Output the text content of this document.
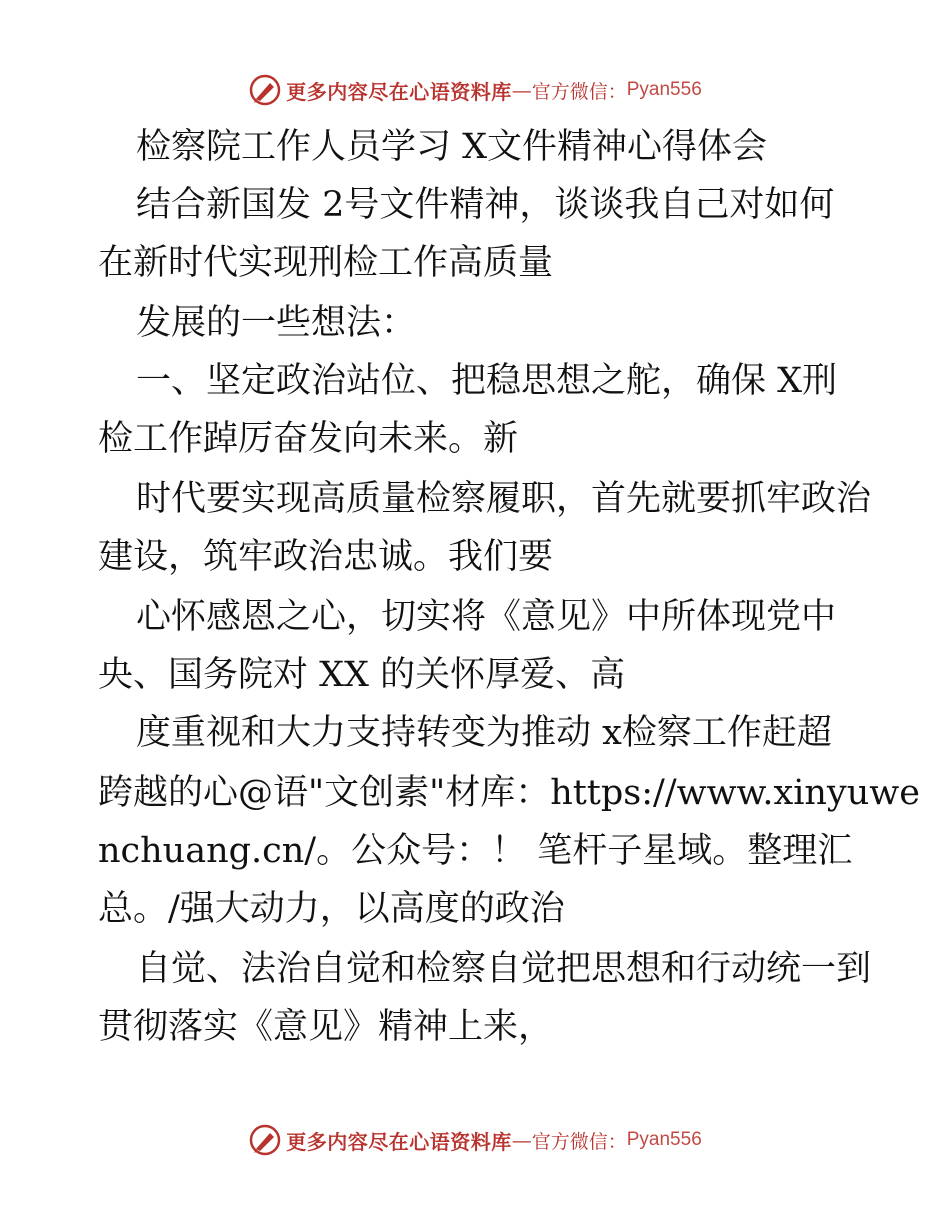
更多内容尽在心语资料库 — 官方微信： Pyan556
检察院工作人员学习 X文件精神心得体会
结合新国发 2号文件精神，谈谈我自己对如何
在新时代实现刑检工作高质量
发展的一些想法：
一、坚定政治站位、把稳思想之舵，确保 X刑
检工作踔厉奋发向未来。新
时代要实现高质量检察履职，首先就要抓牢政治
建设，筑牢政治忠诚。我们要
心怀感恩之心，切实将《意见》中所体现党中
央、国务院对 XX 的关怀厚爱、高
度重视和大力支持转变为推动 x检察工作赶超
跨越的心@语"文创素"材库：https://www.xinyuwe
nchuang.cn/。公众号：！ 笔杆子星域。整理汇
总。/强大动力，以高度的政治
自觉、法治自觉和检察自觉把思想和行动统一到
贯彻落实《意见》精神上来，
更多内容尽在心语资料库 — 官方微信： Pyan556
